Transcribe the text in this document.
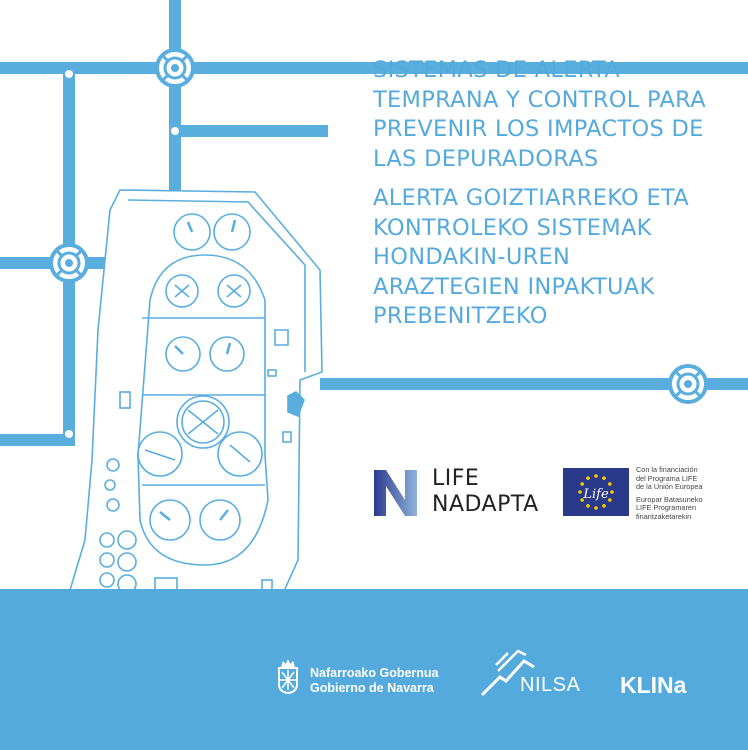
SISTEMAS DE ALERTA
TEMPRANA Y CONTROL PARA
PREVENIR LOS IMPACTOS DE
LAS DEPURADORAS

ALERTA GOIZTIARREKO ETA
KONTROLEKO SISTEMAK
HONDAKIN-UREN
ARAZTEGIEN INPAKTUAK
PREBENITZEKO

LIFE
NADAPTA	Life

Con la financiación

del Programa LIFE

de la Unión Europea

Europar Batasuneko

LIFE Programaren

finantzaketarekin

Nafarroako Gobernua
Gobierno de Navarra	NILSA KLINa
